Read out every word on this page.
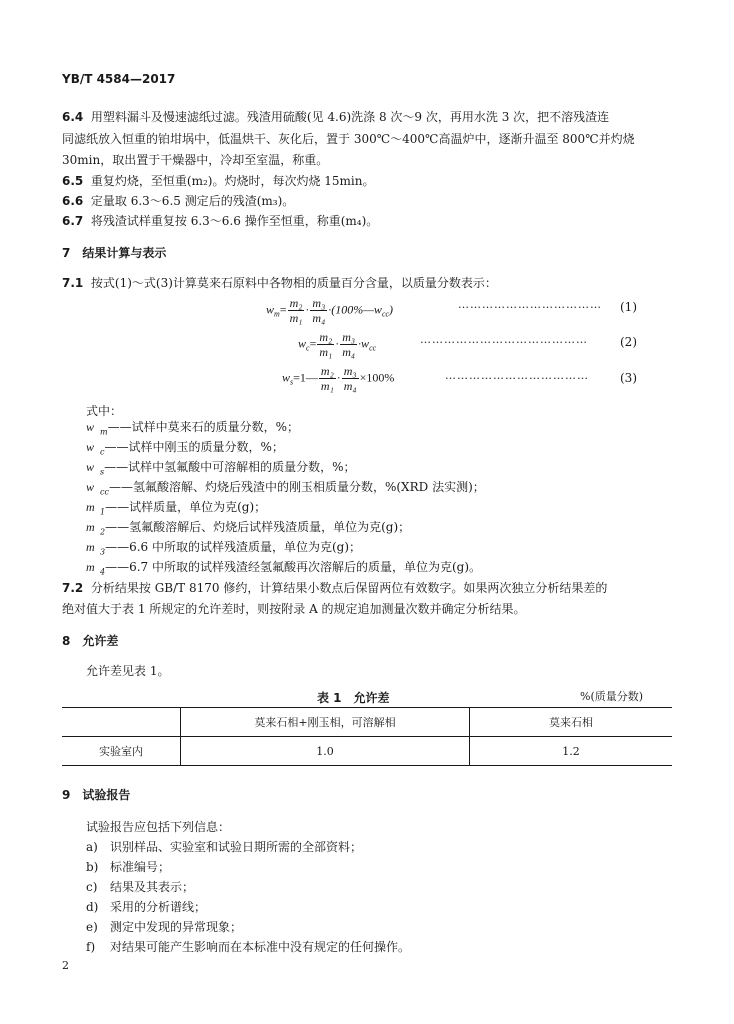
YB/T 4584—2017
6.4 用塑料漏斗及慢速滤纸过滤。残渣用硫酸(见 4.6)洗涤 8 次～9 次，再用水洗 3 次，把不溶残渣连
同滤纸放入恒重的铂坩埚中，低温烘干、灰化后，置于 300℃～400℃高温炉中，逐渐升温至 800℃并灼烧
30min，取出置于干燥器中，冷却至室温，称重。
6.5 重复灼烧，至恒重(m₂)。灼烧时，每次灼烧 15min。
6.6 定量取 6.3～6.5 测定后的残渣(m₃)。
6.7 将残渣试样重复按 6.3～6.6 操作至恒重，称重(m₄)。
7　结果计算与表示
7.1 按式(1)～式(3)计算莫来石原料中各物相的质量百分含量，以质量分数表示：
$w_m= \frac{\text{m₂}}{\text{m₁}} \cdot \frac{\text{m₃}}{\text{m₄}}$ $\cdot(100\%—w_{cc})$	……………………………… (1)
$w_c= \frac{\text{m₂}}{\text{m₁}} \cdot \frac{\text{m₃}}{\text{m₄}} \cdot w_{cc}$
……………………………………	(2)
$w_s=1— \frac{\text{m₂}}{\text{m₁}} \cdot \frac{\text{m₃}}{\text{m₄}} \times 100\%$	………………………………	(3)
式中：
w $_m$——试样中莫来石的质量分数，%；
w $_c$——试样中刚玉的质量分数，%；
w $_s$——试样中氢氟酸中可溶解相的质量分数，%；
w $_{cc}$——氢氟酸溶解、灼烧后残渣中的刚玉相质量分数，%(XRD 法实测)；
m $_1$——试样质量，单位为克(g)；
m $_2$——氢氟酸溶解后、灼烧后试样残渣质量，单位为克(g)；
m $_3$——6.6 中所取的试样残渣质量，单位为克(g)；
m $_4$——6.7 中所取的试样残渣经氢氟酸再次溶解后的质量，单位为克(g)。
7.2 分析结果按 GB/T 8170 修约，计算结果小数点后保留两位有效数字。如果两次独立分析结果差的
绝对值大于表 1 所规定的允许差时，则按附录 A 的规定追加测量次数并确定分析结果。
8　允许差
允许差见表 1。
表 1　允许差	%(质量分数)
	莫来石相+刚玉相，可溶解相	莫来石相
实验室内	1.0	1.2
9　试验报告
试验报告应包括下列信息：
a) 识别样品、实验室和试验日期所需的全部资料；
b) 标准编号；
c) 结果及其表示；
d) 采用的分析谱线；
e) 测定中发现的异常现象；
f) 对结果可能产生影响而在本标准中没有规定的任何操作。
2
